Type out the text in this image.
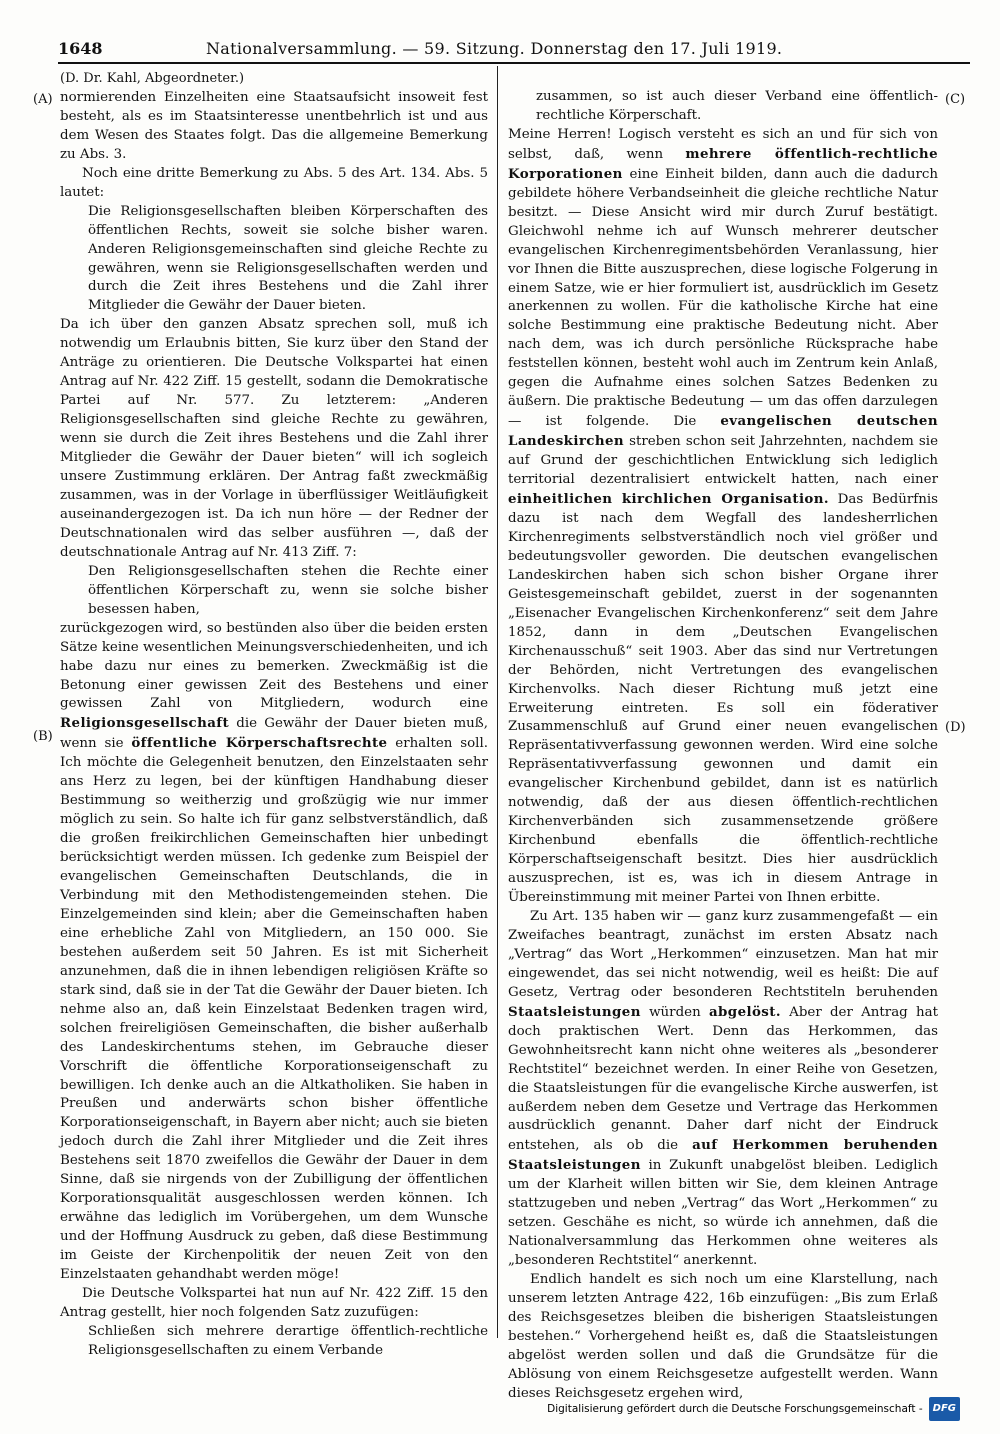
1648	Nationalversammlung. — 59. Sitzung. Donnerstag den 17. Juli 1919.
(A)
(B)
(C)
(D)

(D. Dr. Kahl, Abgeordneter.)

normierenden Einzelheiten eine Staatsaufsicht insoweit fest besteht, als es im Staatsinteresse unentbehrlich ist und aus dem Wesen des Staates folgt. Das die allgemeine Bemerkung zu Abs. 3.

Noch eine dritte Bemerkung zu Abs. 5 des Art. 134. Abs. 5 lautet:

Die Religionsgesellschaften bleiben Körperschaften des öffentlichen Rechts, soweit sie solche bisher waren. Anderen Religionsgemeinschaften sind gleiche Rechte zu gewähren, wenn sie Religionsgesellschaften werden und durch die Zeit ihres Bestehens und die Zahl ihrer Mitglieder die Gewähr der Dauer bieten.

Da ich über den ganzen Absatz sprechen soll, muß ich notwendig um Erlaubnis bitten, Sie kurz über den Stand der Anträge zu orientieren. Die Deutsche Volkspartei hat einen Antrag auf Nr. 422 Ziff. 15 gestellt, sodann die Demokratische Partei auf Nr. 577. Zu letzterem: „Anderen Religionsgesellschaften sind gleiche Rechte zu gewähren, wenn sie durch die Zeit ihres Bestehens und die Zahl ihrer Mitglieder die Gewähr der Dauer bieten“ will ich sogleich unsere Zustimmung erklären. Der Antrag faßt zweckmäßig zusammen, was in der Vorlage in überflüssiger Weitläufigkeit auseinandergezogen ist. Da ich nun höre — der Redner der Deutschnationalen wird das selber ausführen —, daß der deutschnationale Antrag auf Nr. 413 Ziff. 7:

Den Religionsgesellschaften stehen die Rechte einer öffentlichen Körperschaft zu, wenn sie solche bisher besessen haben,

zurückgezogen wird, so bestünden also über die beiden ersten Sätze keine wesentlichen Meinungsverschiedenheiten, und ich habe dazu nur eines zu bemerken. Zweckmäßig ist die Betonung einer gewissen Zeit des Bestehens und einer gewissen Zahl von Mitgliedern, wodurch eine Religionsgesellschaft die Gewähr der Dauer bieten muß, wenn sie öffentliche Körperschaftsrechte erhalten soll. Ich möchte die Gelegenheit benutzen, den Einzelstaaten sehr ans Herz zu legen, bei der künftigen Handhabung dieser Bestimmung so weitherzig und großzügig wie nur immer möglich zu sein. So halte ich für ganz selbstverständlich, daß die großen freikirchlichen Gemeinschaften hier unbedingt berücksichtigt werden müssen. Ich gedenke zum Beispiel der evangelischen Gemeinschaften Deutschlands, die in Verbindung mit den Methodistengemeinden stehen. Die Einzelgemeinden sind klein; aber die Gemeinschaften haben eine erhebliche Zahl von Mitgliedern, an 150 000. Sie bestehen außerdem seit 50 Jahren. Es ist mit Sicherheit anzunehmen, daß die in ihnen lebendigen religiösen Kräfte so stark sind, daß sie in der Tat die Gewähr der Dauer bieten. Ich nehme also an, daß kein Einzelstaat Bedenken tragen wird, solchen freireligiösen Gemeinschaften, die bisher außerhalb des Landeskirchentums stehen, im Gebrauche dieser Vorschrift die öffentliche Korporationseigenschaft zu bewilligen. Ich denke auch an die Altkatholiken. Sie haben in Preußen und anderwärts schon bisher öffentliche Korporationseigenschaft, in Bayern aber nicht; auch sie bieten jedoch durch die Zahl ihrer Mitglieder und die Zeit ihres Bestehens seit 1870 zweifellos die Gewähr der Dauer in dem Sinne, daß sie nirgends von der Zubilligung der öffentlichen Korporationsqualität ausgeschlossen werden können. Ich erwähne das lediglich im Vorübergehen, um dem Wunsche und der Hoffnung Ausdruck zu geben, daß diese Bestimmung im Geiste der Kirchenpolitik der neuen Zeit von den Einzelstaaten gehandhabt werden möge!

Die Deutsche Volkspartei hat nun auf Nr. 422 Ziff. 15 den Antrag gestellt, hier noch folgenden Satz zuzufügen:

Schließen sich mehrere derartige öffentlich-rechtliche Religionsgesellschaften zu einem Verbande

zusammen, so ist auch dieser Verband eine öffentlich-rechtliche Körperschaft.

Meine Herren! Logisch versteht es sich an und für sich von selbst, daß, wenn mehrere öffentlich-rechtliche Korporationen eine Einheit bilden, dann auch die dadurch gebildete höhere Verbandseinheit die gleiche rechtliche Natur besitzt. — Diese Ansicht wird mir durch Zuruf bestätigt. Gleichwohl nehme ich auf Wunsch mehrerer deutscher evangelischen Kirchenregimentsbehörden Veranlassung, hier vor Ihnen die Bitte auszusprechen, diese logische Folgerung in einem Satze, wie er hier formuliert ist, ausdrücklich im Gesetz anerkennen zu wollen. Für die katholische Kirche hat eine solche Bestimmung eine praktische Bedeutung nicht. Aber nach dem, was ich durch persönliche Rücksprache habe feststellen können, besteht wohl auch im Zentrum kein Anlaß, gegen die Aufnahme eines solchen Satzes Bedenken zu äußern. Die praktische Bedeutung — um das offen darzulegen — ist folgende. Die evangelischen deutschen Landeskirchen streben schon seit Jahrzehnten, nachdem sie auf Grund der geschichtlichen Entwicklung sich lediglich territorial dezentralisiert entwickelt hatten, nach einer einheitlichen kirchlichen Organisation. Das Bedürfnis dazu ist nach dem Wegfall des landesherrlichen Kirchenregiments selbstverständlich noch viel größer und bedeutungsvoller geworden. Die deutschen evangelischen Landeskirchen haben sich schon bisher Organe ihrer Geistesgemeinschaft gebildet, zuerst in der sogenannten „Eisenacher Evangelischen Kirchenkonferenz“ seit dem Jahre 1852, dann in dem „Deutschen Evangelischen Kirchenausschuß“ seit 1903. Aber das sind nur Vertretungen der Behörden, nicht Vertretungen des evangelischen Kirchenvolks. Nach dieser Richtung muß jetzt eine Erweiterung eintreten. Es soll ein föderativer Zusammenschluß auf Grund einer neuen evangelischen Repräsentativverfassung gewonnen werden. Wird eine solche Repräsentativverfassung gewonnen und damit ein evangelischer Kirchenbund gebildet, dann ist es natürlich notwendig, daß der aus diesen öffentlich-rechtlichen Kirchenverbänden sich zusammensetzende größere Kirchenbund ebenfalls die öffentlich-rechtliche Körperschaftseigenschaft besitzt. Dies hier ausdrücklich auszusprechen, ist es, was ich in diesem Antrage in Übereinstimmung mit meiner Partei von Ihnen erbitte.

Zu Art. 135 haben wir — ganz kurz zusammengefaßt — ein Zweifaches beantragt, zunächst im ersten Absatz nach „Vertrag“ das Wort „Herkommen“ einzusetzen. Man hat mir eingewendet, das sei nicht notwendig, weil es heißt: Die auf Gesetz, Vertrag oder besonderen Rechtstiteln beruhenden Staatsleistungen würden abgelöst. Aber der Antrag hat doch praktischen Wert. Denn das Herkommen, das Gewohnheitsrecht kann nicht ohne weiteres als „besonderer Rechtstitel“ bezeichnet werden. In einer Reihe von Gesetzen, die Staatsleistungen für die evangelische Kirche auswerfen, ist außerdem neben dem Gesetze und Vertrage das Herkommen ausdrücklich genannt. Daher darf nicht der Eindruck entstehen, als ob die auf Herkommen beruhenden Staatsleistungen in Zukunft unabgelöst bleiben. Lediglich um der Klarheit willen bitten wir Sie, dem kleinen Antrage stattzugeben und neben „Vertrag“ das Wort „Herkommen“ zu setzen. Geschähe es nicht, so würde ich annehmen, daß die Nationalversammlung das Herkommen ohne weiteres als „besonderen Rechtstitel“ anerkennt.

Endlich handelt es sich noch um eine Klarstellung, nach unserem letzten Antrage 422, 16b einzufügen: „Bis zum Erlaß des Reichsgesetzes bleiben die bisherigen Staatsleistungen bestehen.“ Vorhergehend heißt es, daß die Staatsleistungen abgelöst werden sollen und daß die Grundsätze für die Ablösung von einem Reichsgesetze aufgestellt werden. Wann dieses Reichsgesetz ergehen wird,

Digitalisierung gefördert durch die Deutsche Forschungsgemeinschaft -	DFG
